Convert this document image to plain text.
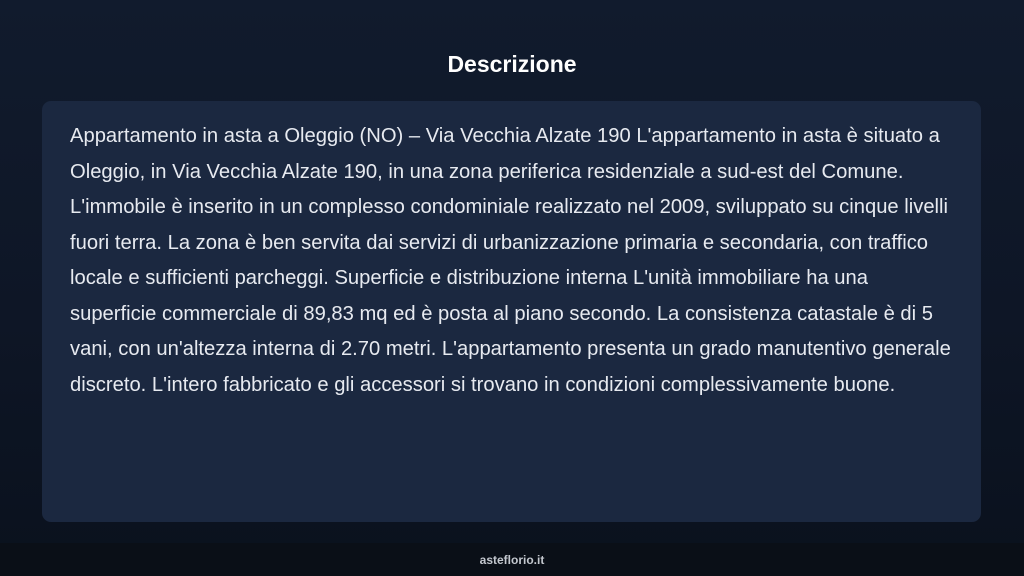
Descrizione

Appartamento in asta a Oleggio (NO) – Via Vecchia Alzate 190 L'appartamento in asta è situato a Oleggio, in Via Vecchia Alzate 190, in una zona periferica residenziale a sud-est del Comune. L'immobile è inserito in un complesso condominiale realizzato nel 2009, sviluppato su cinque livelli fuori terra. La zona è ben servita dai servizi di urbanizzazione primaria e secondaria, con traffico locale e sufficienti parcheggi. Superficie e distribuzione interna L'unità immobiliare ha una superficie commerciale di 89,83 mq ed è posta al piano secondo. La consistenza catastale è di 5 vani, con un'altezza interna di 2.70 metri. L'appartamento presenta un grado manutentivo generale discreto. L'intero fabbricato e gli accessori si trovano in condizioni complessivamente buone.

asteflorio.it
